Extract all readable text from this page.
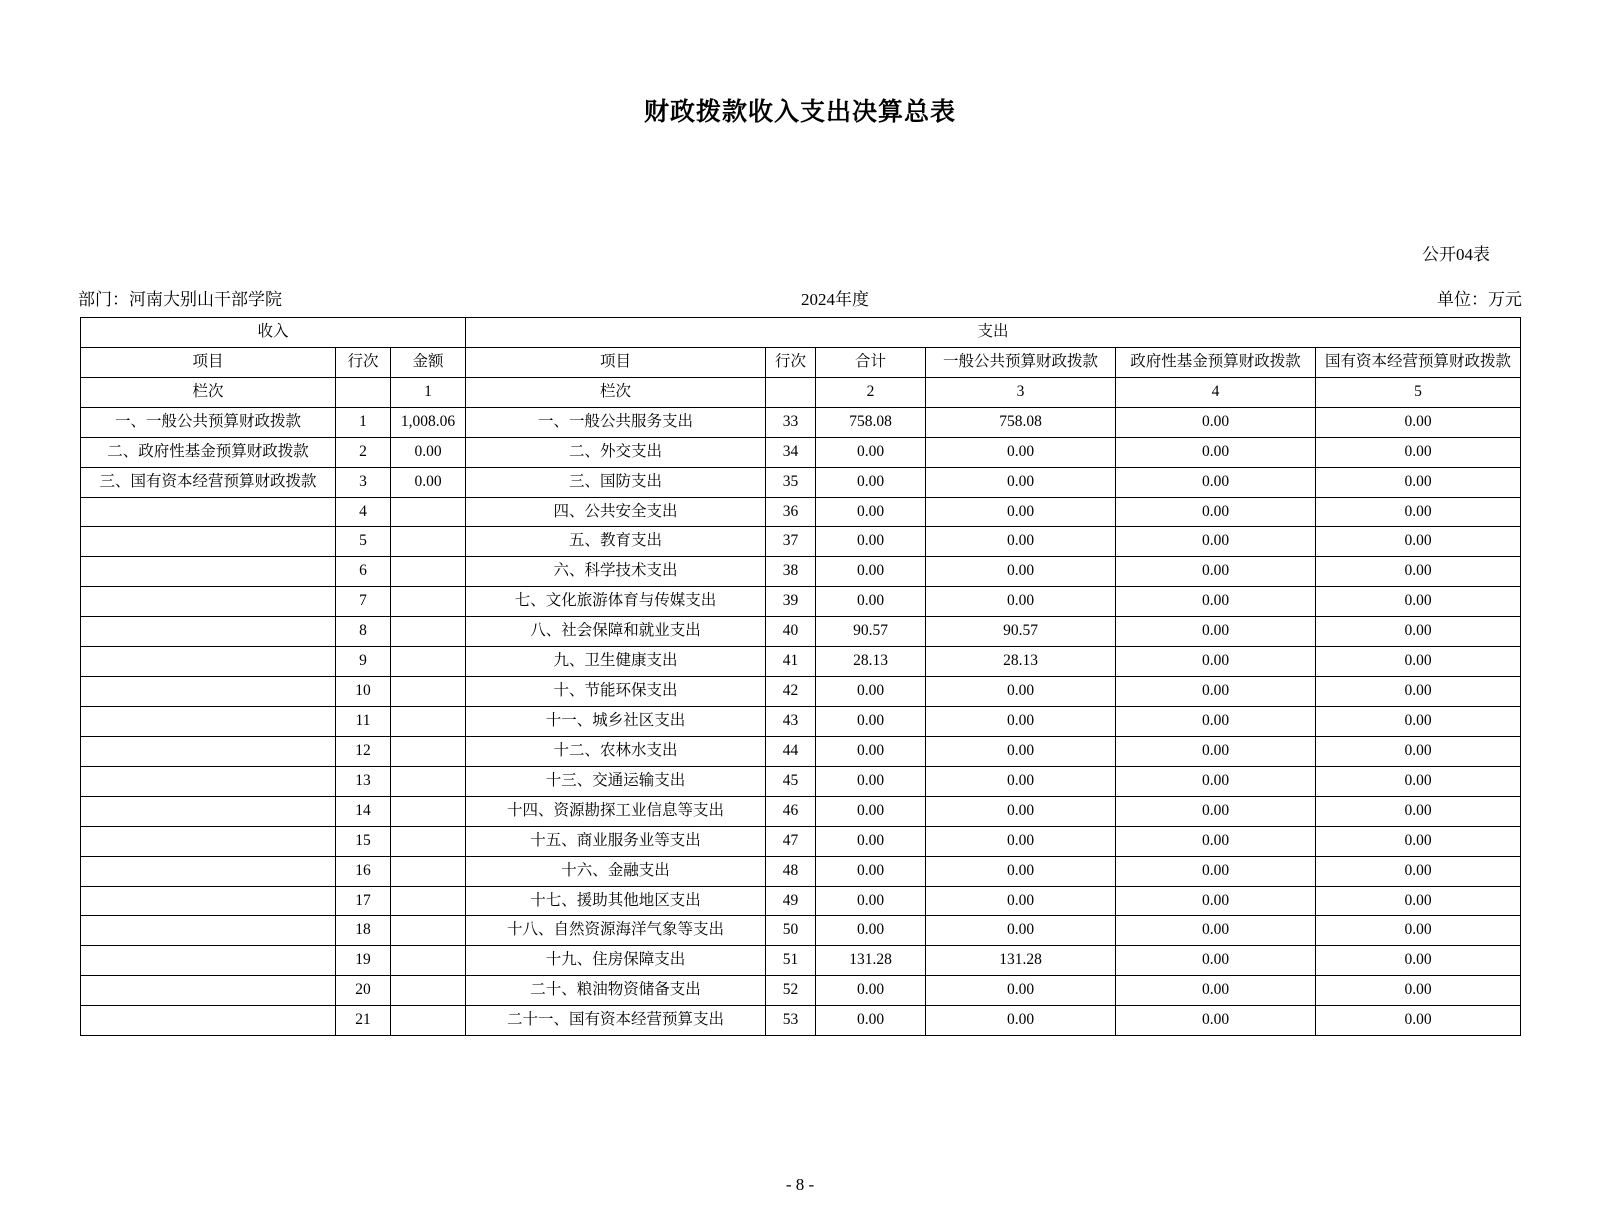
财政拨款收入支出决算总表
公开04表
部门：河南大别山干部学院	2024年度	单位：万元
收入			支出					
项目	行次	金额	项目	行次	合计	一般公共预算财政拨款	政府性基金预算财政拨款	国有资本经营预算财政拨款
栏次		1	栏次		2	3	4	5
一、一般公共预算财政拨款	1	1,008.06	一、一般公共服务支出	33	758.08	758.08	0.00	0.00
二、政府性基金预算财政拨款	2	0.00	二、外交支出	34	0.00	0.00	0.00	0.00
三、国有资本经营预算财政拨款	3	0.00	三、国防支出	35	0.00	0.00	0.00	0.00
	4		四、公共安全支出	36	0.00	0.00	0.00	0.00
	5		五、教育支出	37	0.00	0.00	0.00	0.00
	6		六、科学技术支出	38	0.00	0.00	0.00	0.00
	7		七、文化旅游体育与传媒支出	39	0.00	0.00	0.00	0.00
	8		八、社会保障和就业支出	40	90.57	90.57	0.00	0.00
	9		九、卫生健康支出	41	28.13	28.13	0.00	0.00
	10		十、节能环保支出	42	0.00	0.00	0.00	0.00
	11		十一、城乡社区支出	43	0.00	0.00	0.00	0.00
	12		十二、农林水支出	44	0.00	0.00	0.00	0.00
	13		十三、交通运输支出	45	0.00	0.00	0.00	0.00
	14		十四、资源勘探工业信息等支出	46	0.00	0.00	0.00	0.00
	15		十五、商业服务业等支出	47	0.00	0.00	0.00	0.00
	16		十六、金融支出	48	0.00	0.00	0.00	0.00
	17		十七、援助其他地区支出	49	0.00	0.00	0.00	0.00
	18		十八、自然资源海洋气象等支出	50	0.00	0.00	0.00	0.00
	19		十九、住房保障支出	51	131.28	131.28	0.00	0.00
	20		二十、粮油物资储备支出	52	0.00	0.00	0.00	0.00
	21		二十一、国有资本经营预算支出	53	0.00	0.00	0.00	0.00
- 8 -
